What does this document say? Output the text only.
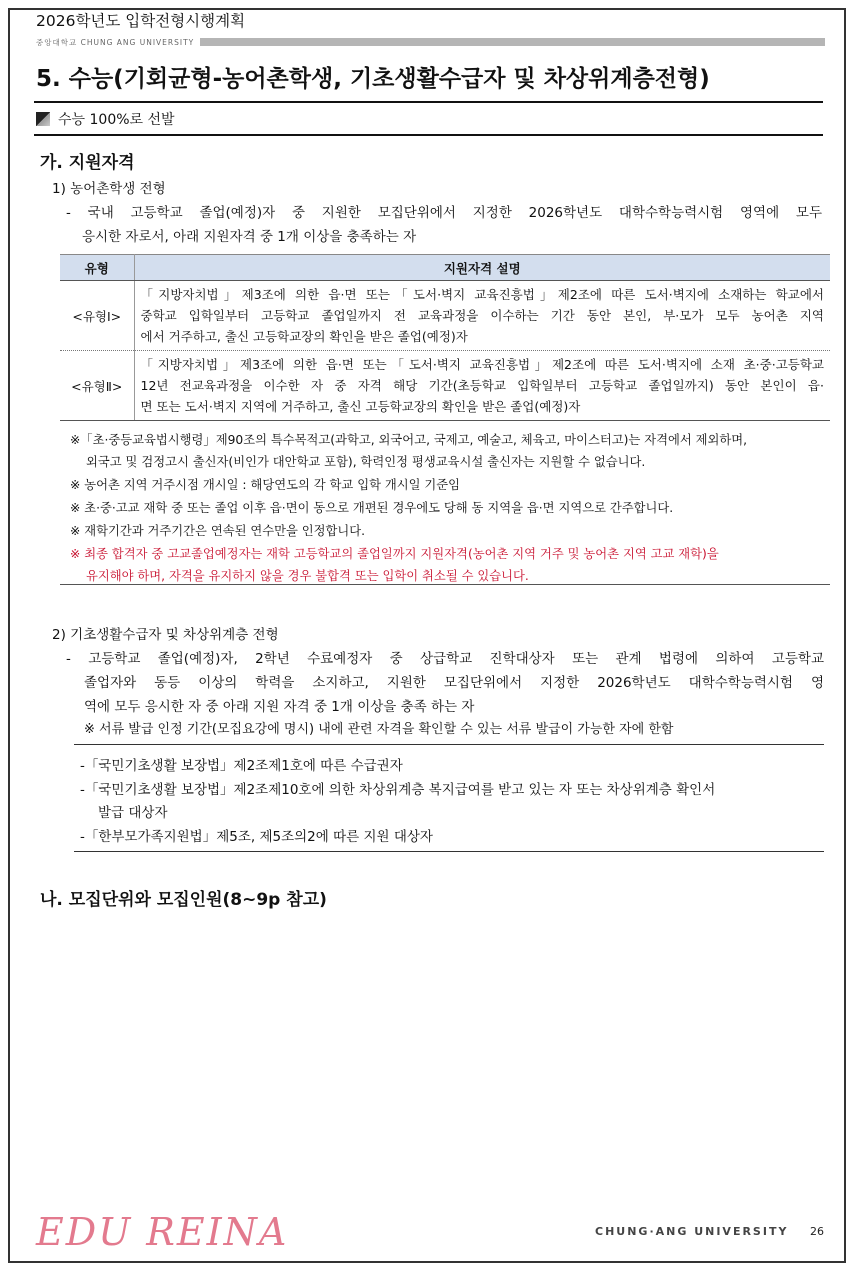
2026학년도 입학전형시행계획
중앙대학교 CHUNG ANG UNIVERSITY
5. 수능(기회균형-농어촌학생, 기초생활수급자 및 차상위계층전형)
수능 100%로 선발
가. 지원자격
1) 농어촌학생 전형
- 국내 고등학교 졸업(예정)자 중 지원한 모집단위에서 지정한 2026학년도 대학수학능력시험 영역에 모두
응시한 자로서, 아래 지원자격 중 1개 이상을 충족하는 자
유형	지원자격 설명
<유형Ⅰ>	「지방자치법」제3조에 의한 읍·면 또는「도서·벽지 교육진흥법」제2조에 따른 도서·벽지에 소재하는 학교에서
중학교 입학일부터 고등학교 졸업일까지 전 교육과정을 이수하는 기간 동안 본인, 부·모가 모두 농어촌 지역
에서 거주하고, 출신 고등학교장의 확인을 받은 졸업(예정)자

<유형Ⅱ>	「지방자치법」제3조에 의한 읍·면 또는「도서·벽지 교육진흥법」제2조에 따른 도서·벽지에 소재 초·중·고등학교
12년 전교육과정을 이수한 자 중 자격 해당 기간(초등학교 입학일부터 고등학교 졸업일까지) 동안 본인이 읍·
면 또는 도서·벽지 지역에 거주하고, 출신 고등학교장의 확인을 받은 졸업(예정)자
※「초·중등교육법시행령」제90조의 특수목적고(과학고, 외국어고, 국제고, 예술고, 체육고, 마이스터고)는 자격에서 제외하며,
외국고 및 검정고시 출신자(비인가 대안학교 포함), 학력인정 평생교육시설 출신자는 지원할 수 없습니다.
※ 농어촌 지역 거주시점 개시일 : 해당연도의 각 학교 입학 개시일 기준임
※ 초·중·고교 재학 중 또는 졸업 이후 읍·면이 동으로 개편된 경우에도 당해 동 지역을 읍·면 지역으로 간주합니다.
※ 재학기간과 거주기간은 연속된 연수만을 인정합니다.
※ 최종 합격자 중 고교졸업예정자는 재학 고등학교의 졸업일까지 지원자격(농어촌 지역 거주 및 농어촌 지역 고교 재학)을
유지해야 하며, 자격을 유지하지 않을 경우 불합격 또는 입학이 취소될 수 있습니다.
2) 기초생활수급자 및 차상위계층 전형
- 고등학교 졸업(예정)자, 2학년 수료예정자 중 상급학교 진학대상자 또는 관계 법령에 의하여 고등학교
졸업자와 동등 이상의 학력을 소지하고, 지원한 모집단위에서 지정한 2026학년도 대학수학능력시험 영
역에 모두 응시한 자 중 아래 지원 자격 중 1개 이상을 충족 하는 자
※ 서류 발급 인정 기간(모집요강에 명시) 내에 관련 자격을 확인할 수 있는 서류 발급이 가능한 자에 한함
-「국민기초생활 보장법」제2조제1호에 따른 수급권자
-「국민기초생활 보장법」제2조제10호에 의한 차상위계층 복지급여를 받고 있는 자 또는 차상위계층 확인서
발급 대상자
-「한부모가족지원법」제5조, 제5조의2에 따른 지원 대상자
나. 모집단위와 모집인원(8~9p 참고)
EDU REINA	CHUNG·ANG UNIVERSITY 26
